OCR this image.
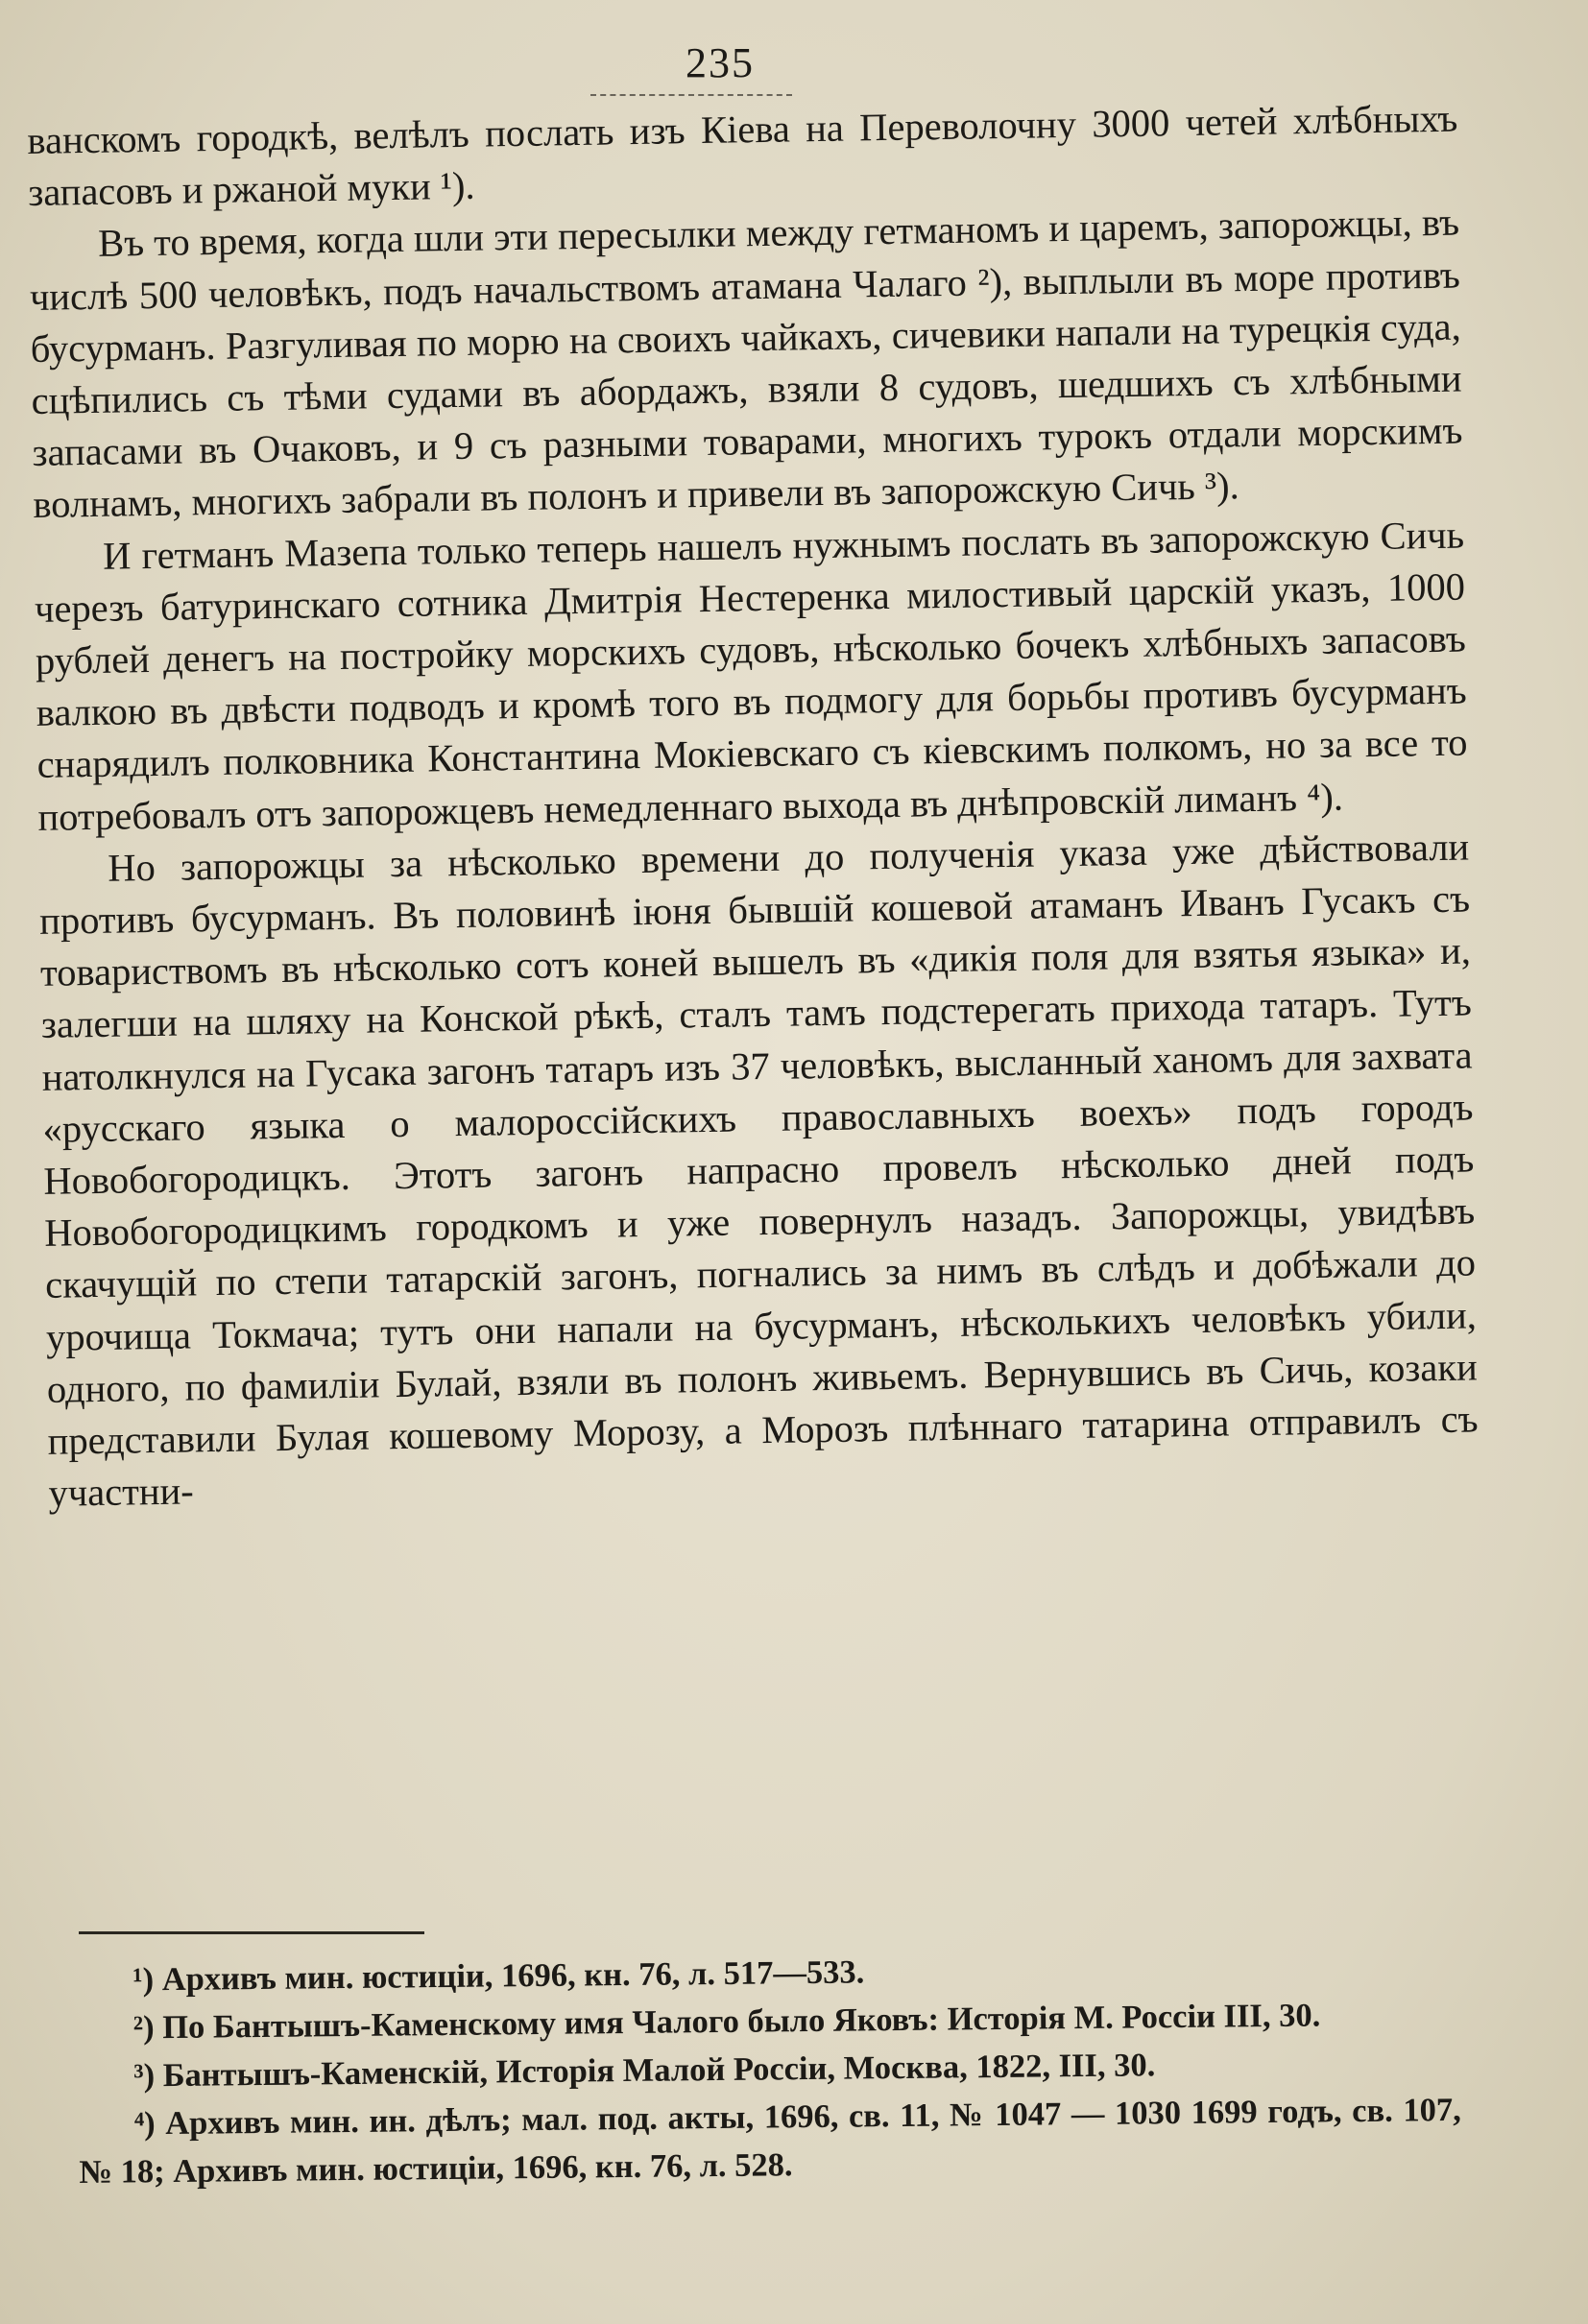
235

ванскомъ городкѣ, велѣлъ послать изъ Кiева на Переволочну 3000 четей хлѣбныхъ запасовъ и ржаной муки ¹).

Въ то время, когда шли эти пересылки между гетманомъ и царемъ, запорожцы, въ числѣ 500 человѣкъ, подъ начальствомъ атамана Чалаго ²), выплыли въ море противъ бусурманъ. Разгуливая по морю на своихъ чайкахъ, сичевики напали на турецкiя суда, сцѣпились съ тѣми судами въ абордажъ, взяли 8 судовъ, шедшихъ съ хлѣбными запасами въ Очаковъ, и 9 съ разными товарами, многихъ турокъ отдали морскимъ волнамъ, многихъ забрали въ полонъ и привели въ запорожскую Сичь ³).

И гетманъ Мазепа только теперь нашелъ нужнымъ послать въ запорожскую Сичь черезъ батуринскаго сотника Дмитрiя Нестеренка милостивый царскiй указъ, 1000 рублей денегъ на постройку морскихъ судовъ, нѣсколько бочекъ хлѣбныхъ запасовъ валкою въ двѣсти подводъ и кромѣ того въ подмогу для борьбы противъ бусурманъ снарядилъ полковника Константина Мокiевскаго съ кiевскимъ полкомъ, но за все то потребовалъ отъ запорожцевъ немедленнаго выхода въ днѣпровскiй лиманъ ⁴).

Но запорожцы за нѣсколько времени до полученiя указа уже дѣйствовали противъ бусурманъ. Въ половинѣ iюня бывшiй кошевой атаманъ Иванъ Гусакъ съ товариствомъ въ нѣсколько сотъ коней вышелъ въ «дикiя поля для взятья языка» и, залегши на шляху на Конской рѣкѣ, сталъ тамъ подстерегать прихода татаръ. Тутъ натолкнулся на Гусака загонъ татаръ изъ 37 человѣкъ, высланный ханомъ для захвата «русскаго языка о малороссiйскихъ православныхъ воехъ» подъ городъ Новобогородицкъ. Этотъ загонъ напрасно провелъ нѣсколько дней подъ Новобогородицкимъ городкомъ и уже повернулъ назадъ. Запорожцы, увидѣвъ скачущiй по степи татарскiй загонъ, погнались за нимъ въ слѣдъ и добѣжали до урочища Токмача; тутъ они напали на бусурманъ, нѣсколькихъ человѣкъ убили, одного, по фамилiи Булай, взяли въ полонъ живьемъ. Вернувшись въ Сичь, козаки представили Булая кошевому Морозу, а Морозъ плѣннаго татарина отправилъ съ участни-

¹) Архивъ мин. юстицiи, 1696, кн. 76, л. 517—533.

²) По Бантышъ-Каменскому имя Чалого было Яковъ: Исторiя М. Россiи III, 30.

³) Бантышъ-Каменскiй, Исторiя Малой Россiи, Москва, 1822, III, 30.

⁴) Архивъ мин. ин. дѣлъ; мал. под. акты, 1696, св. 11, № 1047 — 1030 1699 годъ, св. 107, № 18; Архивъ мин. юстицiи, 1696, кн. 76, л. 528.
